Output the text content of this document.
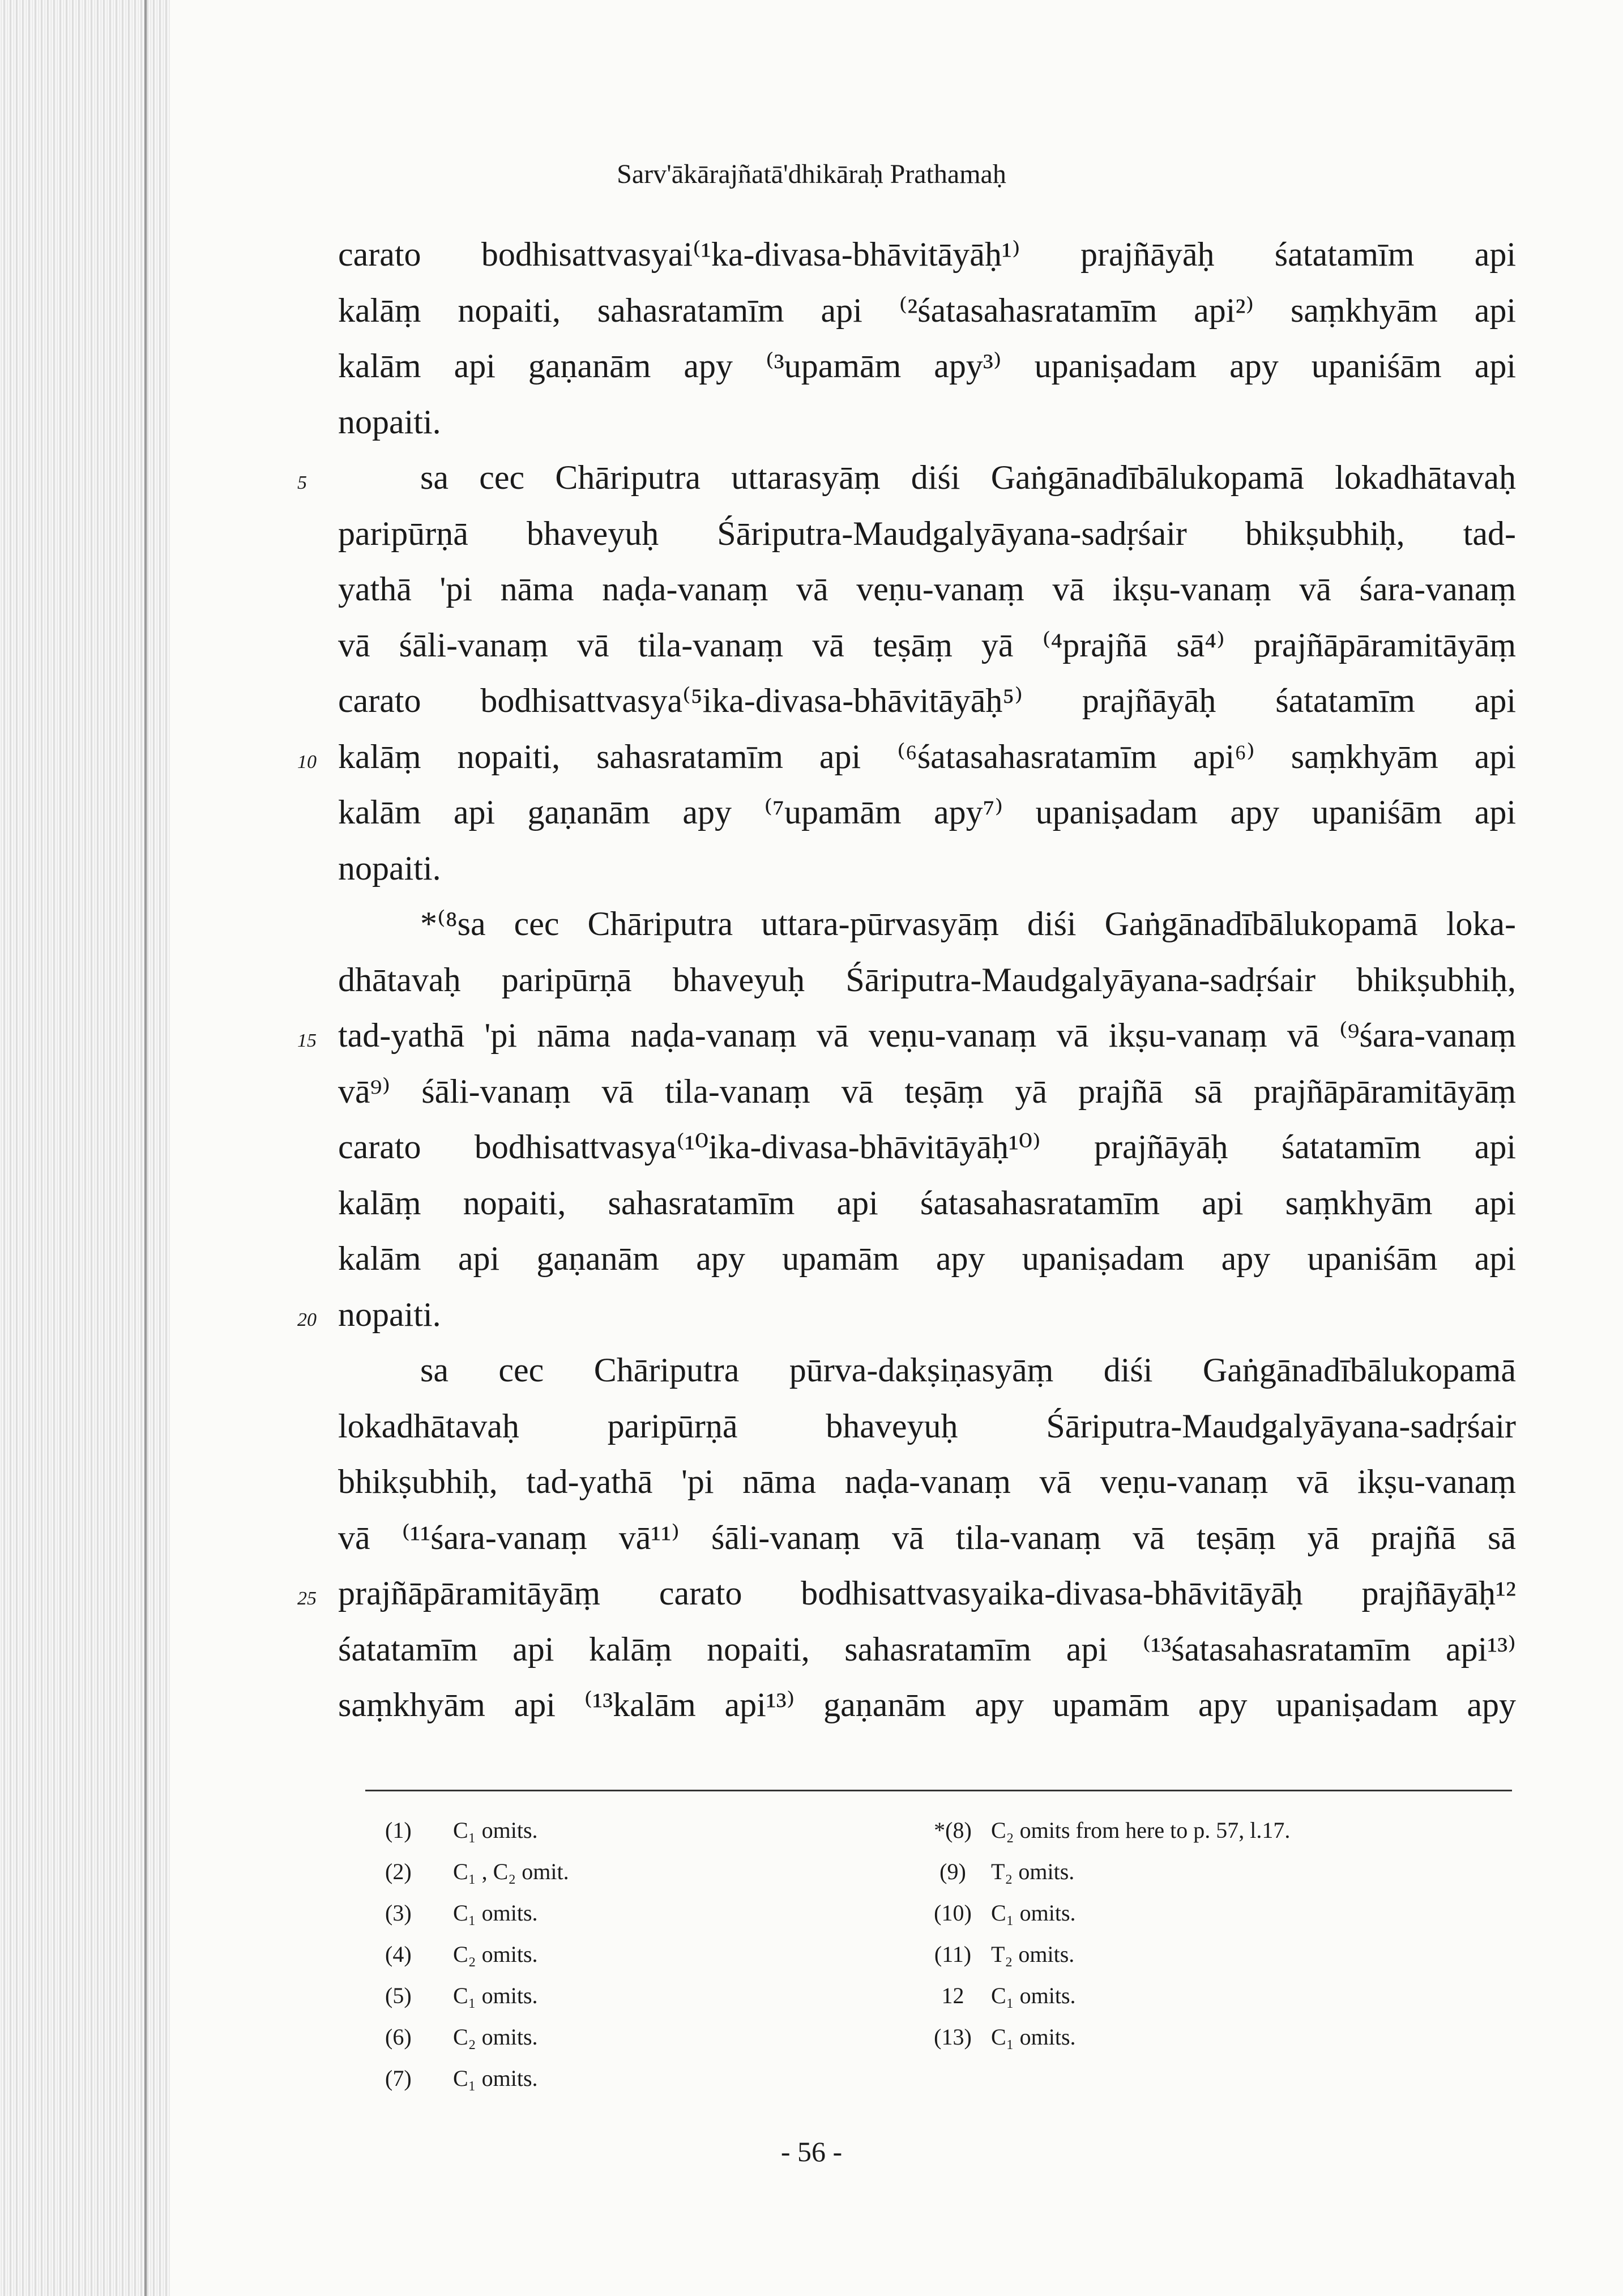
Sarv'ākārajñatā'dhikāraḥ Prathamaḥ
carato bodhisattvasyai⁽¹ka-divasa-bhāvitāyāḥ¹⁾ prajñāyāḥ śatatamīm api
kalāṃ nopaiti, sahasratamīm api ⁽²śatasahasratamīm api²⁾ saṃkhyām api
kalām api gaṇanām apy ⁽³upamām apy³⁾ upaniṣadam apy upaniśām api
nopaiti.
5	sa cec Chāriputra uttarasyāṃ diśi Gaṅgānadībālukopamā lokadhātavaḥ
paripūrṇā bhaveyuḥ Śāriputra-Maudgalyāyana-sadṛśair bhikṣubhiḥ, tad-
yathā 'pi nāma naḍa-vanaṃ vā veṇu-vanaṃ vā ikṣu-vanaṃ vā śara-vanaṃ
vā śāli-vanaṃ vā tila-vanaṃ vā teṣāṃ yā ⁽⁴prajñā sā⁴⁾ prajñāpāramitāyāṃ
carato bodhisattvasya⁽⁵ika-divasa-bhāvitāyāḥ⁵⁾ prajñāyāḥ śatatamīm api
10 kalāṃ nopaiti, sahasratamīm api ⁽⁶śatasahasratamīm api⁶⁾ saṃkhyām api
kalām api gaṇanām apy ⁽⁷upamām apy⁷⁾ upaniṣadam apy upaniśām api
nopaiti.
*⁽⁸sa cec Chāriputra uttara-pūrvasyāṃ diśi Gaṅgānadībālukopamā loka-
dhātavaḥ paripūrṇā bhaveyuḥ Śāriputra-Maudgalyāyana-sadṛśair bhikṣubhiḥ,
15 tad-yathā 'pi nāma naḍa-vanaṃ vā veṇu-vanaṃ vā ikṣu-vanaṃ vā ⁽⁹śara-vanaṃ
vā⁹⁾ śāli-vanaṃ vā tila-vanaṃ vā teṣāṃ yā prajñā sā prajñāpāramitāyāṃ
carato bodhisattvasya⁽¹⁰ika-divasa-bhāvitāyāḥ¹⁰⁾ prajñāyāḥ śatatamīm api
kalāṃ nopaiti, sahasratamīm api śatasahasratamīm api saṃkhyām api
kalām api gaṇanām apy upamām apy upaniṣadam apy upaniśām api
20 nopaiti.
sa cec Chāriputra pūrva-dakṣiṇasyāṃ diśi Gaṅgānadībālukopamā
lokadhātavaḥ paripūrṇā bhaveyuḥ Śāriputra-Maudgalyāyana-sadṛśair
bhikṣubhiḥ, tad-yathā 'pi nāma naḍa-vanaṃ vā veṇu-vanaṃ vā ikṣu-vanaṃ
vā ⁽¹¹śara-vanaṃ vā¹¹⁾ śāli-vanaṃ vā tila-vanaṃ vā teṣāṃ yā prajñā sā
25 prajñāpāramitāyāṃ carato bodhisattvasyaika-divasa-bhāvitāyāḥ prajñāyāḥ¹²
śatatamīm api kalāṃ nopaiti, sahasratamīm api ⁽¹³śatasahasratamīm api¹³⁾
saṃkhyām api ⁽¹³kalām api¹³⁾ gaṇanām apy upamām apy upaniṣadam apy
(1) C₁ omits.
(2) C₁ , C₂ omit.
(3) C₁ omits.
(4) C₂ omits.
(5) C₁ omits.
(6) C₂ omits.
(7) C₁ omits.
*(8) C₂ omits from here to p. 57, l.17.
(9) T₂ omits.
(10) C₁ omits.
(11) T₂ omits.
12 C₁ omits.
(13) C₁ omits.
- 56 -
